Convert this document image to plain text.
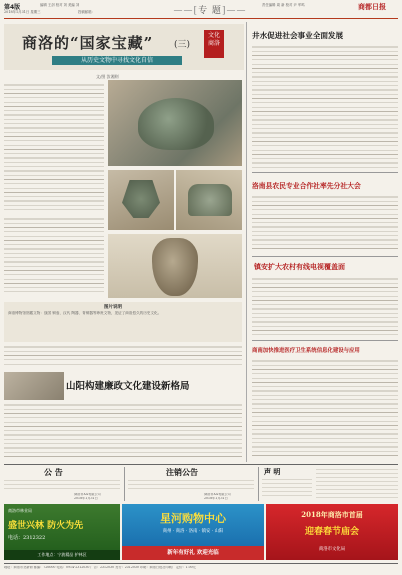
第4版
2018年1月31日 星期三
编辑 王剑 校对 刘 美编 刘
投稿邮箱：	——[专 题]——
责任编辑 周 新 校对 尹 军鸣	商都日报
商洛的“国家宝藏” (三)
文化
商洛
从历史文物中寻找文化自信
文/图 汝湘则
图片说明
商洛博物馆馆藏文物：战国 铜壶、汉代 陶器、青铜器等珍贵文物，见证了商洛悠久的历史文化。
井水促进社会事业全面发展
洛南县农民专业合作社率先分社大会
镇安扩大农村有线电视覆盖面
商南加快推进医疗卫生系统信息化建设与应用
山阳构建廉政文化建设新格局
公 告
商洛市XX有限公司
2018年1月31日
注销公告
商洛市XX有限公司
2018年1月31日
声 明
盛世兴林 防火为先
商洛市林业局
电话：2312322
工作地点：宁波精品 护林区
星河购物中心
商州 · 商洛 · 洛南 · 镇安 · 山阳
新年有好礼 欢迎光临
2018年商洛市首届
迎春春节庙会
商洛市文化局
地址：商洛市北新街 邮编：726000 电话：0914-2312030 广告：2312030 发行：2312030 印刷：商洛日报社印刷厂 定价：1.00元
